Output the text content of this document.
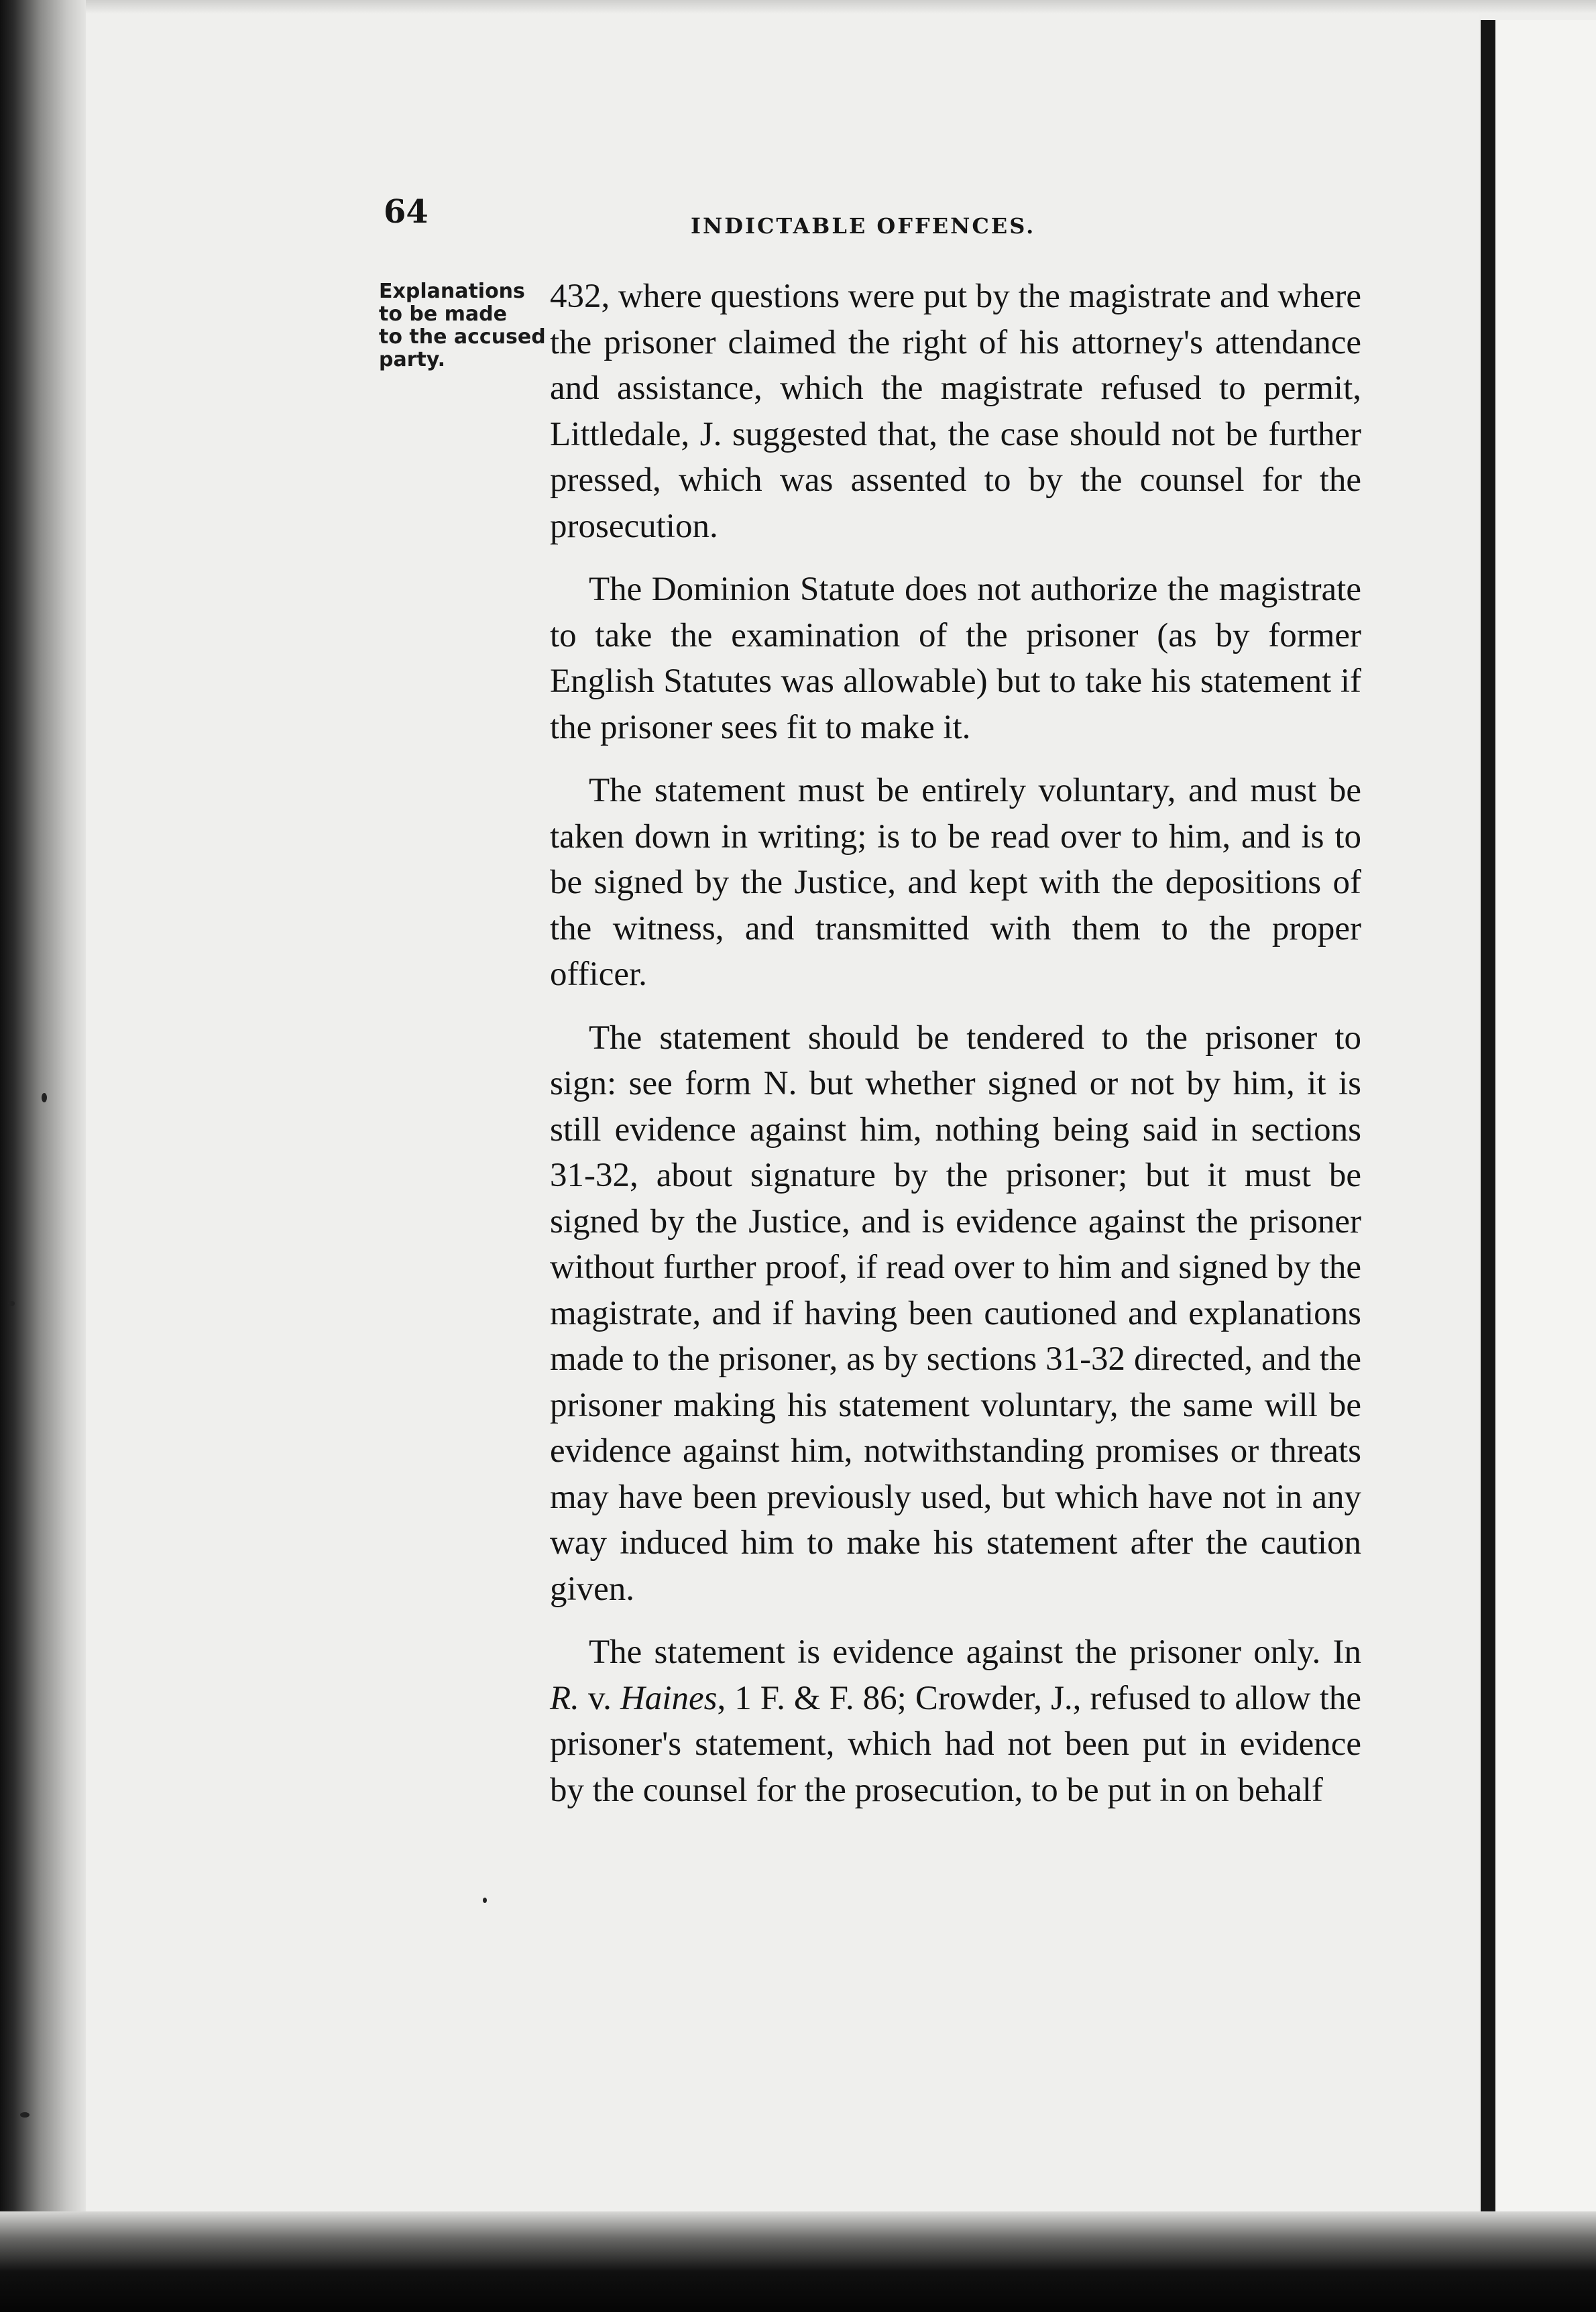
64	INDICTABLE OFFENCES.
Explanations
to be made
to the accused
party.

432, where questions were put by the magistrate and where the prisoner claimed the right of his attorney's attendance and assistance, which the magistrate refused to permit, Littledale, J. suggested that, the case should not be further pressed, which was assented to by the counsel for the prosecution.

The Dominion Statute does not authorize the magistrate to take the examination of the prisoner (as by former English Statutes was allowable) but to take his statement if the prisoner sees fit to make it.

The statement must be entirely voluntary, and must be taken down in writing; is to be read over to him, and is to be signed by the Justice, and kept with the depositions of the witness, and transmitted with them to the proper officer.

The statement should be tendered to the prisoner to sign: see form N. but whether signed or not by him, it is still evidence against him, nothing being said in sections 31-32, about signature by the prisoner; but it must be signed by the Justice, and is evidence against the prisoner without further proof, if read over to him and signed by the magistrate, and if having been cautioned and explanations made to the prisoner, as by sections 31-32 directed, and the prisoner making his statement voluntary, the same will be evidence against him, notwithstanding promises or threats may have been previously used, but which have not in any way induced him to make his statement after the caution given.

The statement is evidence against the prisoner only. In R. v. Haines, 1 F. & F. 86; Crowder, J., refused to allow the prisoner's statement, which had not been put in evidence by the counsel for the prosecution, to be put in on behalf
